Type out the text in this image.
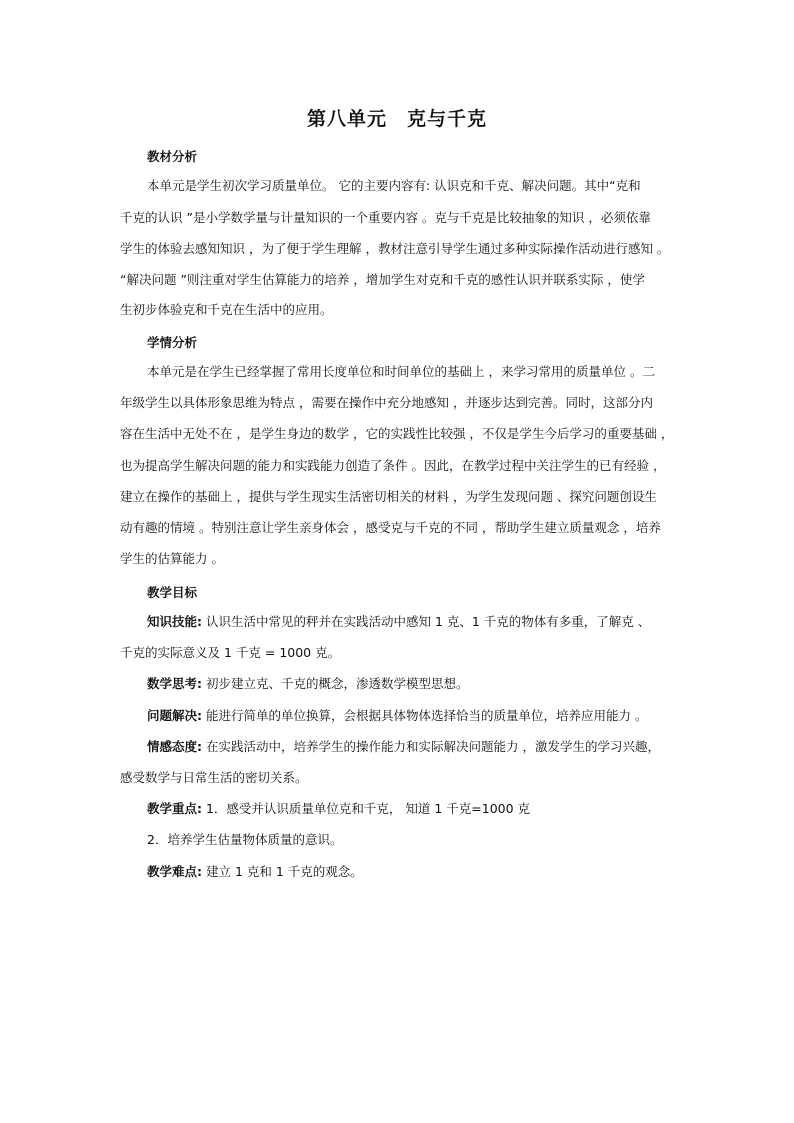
第八单元　克与千克
教材分析
本单元是学生初次学习质量单位。 它的主要内容有: 认识克和千克、解决问题。其中“克和
千克的认识 ”是小学数学量与计量知识的一个重要内容 。克与千克是比较抽象的知识 ，必须依靠
学生的体验去感知知识 ，为了便于学生理解 ，教材注意引导学生通过多种实际操作活动进行感知 。
“解决问题 ”则注重对学生估算能力的培养 ，增加学生对克和千克的感性认识并联系实际 ，使学
生初步体验克和千克在生活中的应用。
学情分析
本单元是在学生已经掌握了常用长度单位和时间单位的基础上 ，来学习常用的质量单位 。二
年级学生以具体形象思维为特点 ，需要在操作中充分地感知 ，并逐步达到完善。同时，这部分内
容在生活中无处不在 ，是学生身边的数学 ，它的实践性比较强 ，不仅是学生今后学习的重要基础 ，
也为提高学生解决问题的能力和实践能力创造了条件 。因此，在教学过程中关注学生的已有经验 ，
建立在操作的基础上 ，提供与学生现实生活密切相关的材料 ，为学生发现问题 、探究问题创设生
动有趣的情境 。特别注意让学生亲身体会 ，感受克与千克的不同 ，帮助学生建立质量观念 ，培养
学生的估算能力 。
教学目标
知识技能: 认识生活中常见的秤并在实践活动中感知 1 克、1 千克的物体有多重，了解克 、
千克的实际意义及 1 千克 = 1000 克。
数学思考: 初步建立克、千克的概念，渗透数学模型思想。
问题解决: 能进行简单的单位换算，会根据具体物体选择恰当的质量单位，培养应用能力 。
情感态度: 在实践活动中，培养学生的操作能力和实际解决问题能力 ，激发学生的学习兴趣，
感受数学与日常生活的密切关系。
教学重点: 1．感受并认识质量单位克和千克， 知道 1 千克=1000 克
2．培养学生估量物体质量的意识。
教学难点: 建立 1 克和 1 千克的观念。
